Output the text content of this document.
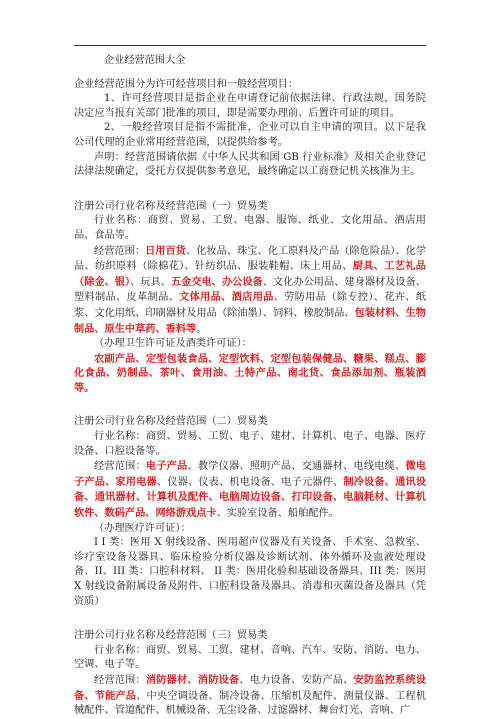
企业经营范围大全

企业经营范围分为许可经营项目和一般经营项目：

1、许可经营项目是指企业在申请登记前依据法律、行政法规，国务院决定应当报有关部门批准的项目，即是需要办理前、后置许可证的项目。

2、一般经营项目是指不需批准，企业可以自主申请的项目。以下是我公司代理的企业常用经营范围，以提供给参考。

声明：经营范围请依据《中华人民共和国 GB 行业标准》及相关企业登记法律法规确定，受托方仅提供参考意见，最终确定以工商登记机关核准为主。

注册公司行业名称及经营范围（一）贸易类

行业名称：商贸、贸易、工贸、电器、服饰、纸业、文化用品、酒店用品、食品等。

经营范围：日用百货、化妆品、珠宝、化工原料及产品（除危险品）、化学品、纺织原料（除棉花）、针纺织品、服装鞋帽、床上用品、厨具、工艺礼品（除金、银）、玩具、五金交电、办公设备、文化办公用品、建身器材及设备、塑料制品、皮革制品、文体用品、酒店用品、劳防用品（除专控）、花卉、纸浆、文化用纸、印刷器材及用品（除油墨）、饲料、橡胶制品、包装材料、生物制品、原生中草药、香料等。

（办理卫生许可证及酒类许可证）：

农副产品、定型包装食品、定型饮料、定型包装保健品、糖果、糕点、膨化食品、奶制品、茶叶、食用油、土特产品、南北货、食品添加剂、瓶装酒等。

注册公司行业名称及经营范围（二）贸易类

行业名称：商贸、贸易、工贸、电子、建材、计算机、电子、电器、医疗设备、口腔设备等。

经营范围：电子产品、教学仪器、照明产品、交通器材、电线电缆、微电子产品、家用电器、仪器、仪表、机电设备、电子元器件、制冷设备、通讯设备、通讯器材、计算机及配件、电脑周边设备、打印设备、电脑耗材、计算机软件、数码产品、网络游戏点卡、实验室设备、船舶配件。

（办理医疗许可证）：

I I 类：医用 X 射线设备、医用超声仪器及有关设备、手术室、急救室、诊疗室设备及器具、临床检验分析仪器及诊断试剂、体外循环及血液处理设备、II、III 类：口腔科材料、 II 类：医用化验和基础设备器具、III 类：医用 X 射线设备附属设备及附件、口腔科设备及器具、消毒和灭菌设备及器具（凭资质）

注册公司行业名称及经营范围（三）贸易类

行业名称：商贸、贸易、工贸、建材、音响、汽车、安防、消防、电力、空调、电子等。

经营范围：消防器材、消防设备、电力设备、安防产品、安防监控系统设备、节能产品、中央空调设备、制冷设备、压缩机及配件、测量仪器、工程机械配件、管道配件、机械设备、无尘设备、过滤器材、舞台灯光、音响、广
